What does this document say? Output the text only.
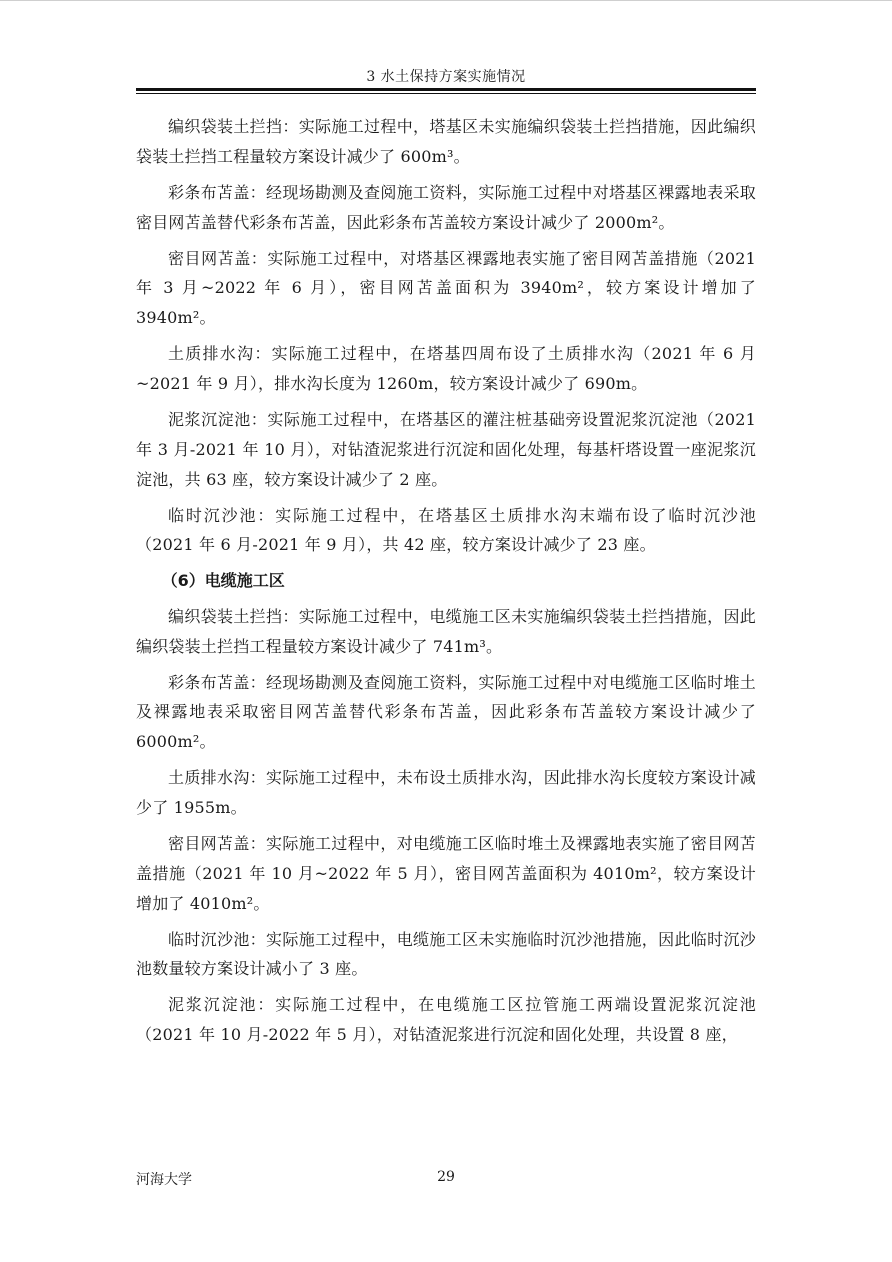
3 水土保持方案实施情况

编织袋装土拦挡：实际施工过程中，塔基区未实施编织袋装土拦挡措施，因此编织袋装土拦挡工程量较方案设计减少了 600m³。

彩条布苫盖：经现场勘测及查阅施工资料，实际施工过程中对塔基区裸露地表采取密目网苫盖替代彩条布苫盖，因此彩条布苫盖较方案设计减少了 2000m²。

密目网苫盖：实际施工过程中，对塔基区裸露地表实施了密目网苫盖措施（2021 年 3 月~2022 年 6 月），密目网苫盖面积为 3940m²，较方案设计增加了 3940m²。

土质排水沟：实际施工过程中，在塔基四周布设了土质排水沟（2021 年 6 月~2021 年 9 月），排水沟长度为 1260m，较方案设计减少了 690m。

泥浆沉淀池：实际施工过程中，在塔基区的灌注桩基础旁设置泥浆沉淀池（2021 年 3 月-2021 年 10 月），对钻渣泥浆进行沉淀和固化处理，每基杆塔设置一座泥浆沉淀池，共 63 座，较方案设计减少了 2 座。

临时沉沙池：实际施工过程中，在塔基区土质排水沟末端布设了临时沉沙池（2021 年 6 月-2021 年 9 月），共 42 座，较方案设计减少了 23 座。

（6）电缆施工区

编织袋装土拦挡：实际施工过程中，电缆施工区未实施编织袋装土拦挡措施，因此编织袋装土拦挡工程量较方案设计减少了 741m³。

彩条布苫盖：经现场勘测及查阅施工资料，实际施工过程中对电缆施工区临时堆土及裸露地表采取密目网苫盖替代彩条布苫盖，因此彩条布苫盖较方案设计减少了 6000m²。

土质排水沟：实际施工过程中，未布设土质排水沟，因此排水沟长度较方案设计减少了 1955m。

密目网苫盖：实际施工过程中，对电缆施工区临时堆土及裸露地表实施了密目网苫盖措施（2021 年 10 月~2022 年 5 月），密目网苫盖面积为 4010m²，较方案设计增加了 4010m²。

临时沉沙池：实际施工过程中，电缆施工区未实施临时沉沙池措施，因此临时沉沙池数量较方案设计减小了 3 座。

泥浆沉淀池：实际施工过程中，在电缆施工区拉管施工两端设置泥浆沉淀池（2021 年 10 月-2022 年 5 月），对钻渣泥浆进行沉淀和固化处理，共设置 8 座，

河海大学	29
